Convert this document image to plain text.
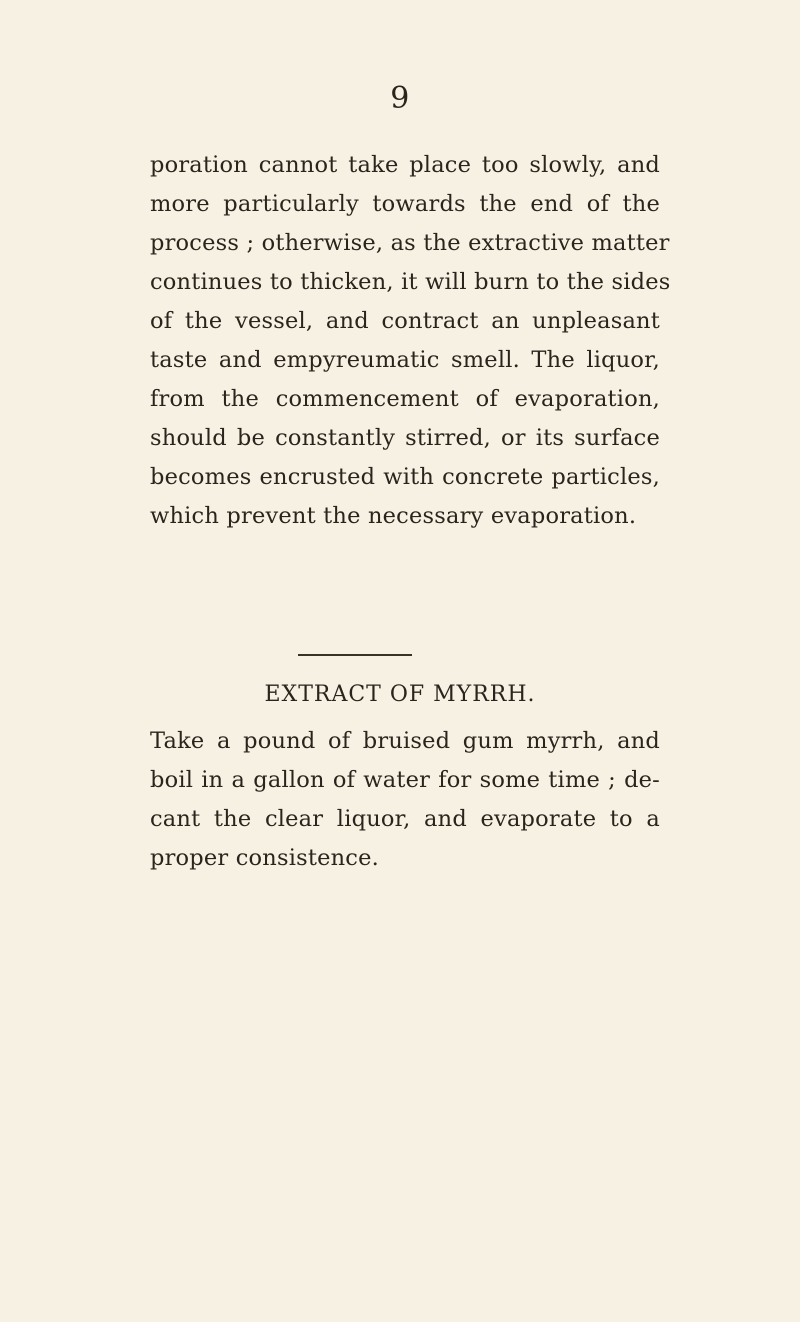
9

poration cannot take place too slowly, and
more particularly towards the end of the
process ; otherwise, as the extractive matter
continues to thicken, it will burn to the sides
of the vessel, and contract an unpleasant
taste and empyreumatic smell. The liquor,
from the commencement of evaporation,
should be constantly stirred, or its surface
becomes encrusted with concrete particles,
which prevent the necessary evaporation.

EXTRACT OF MYRRH.

Take a pound of bruised gum myrrh, and
boil in a gallon of water for some time ; de-
cant the clear liquor, and evaporate to a
proper consistence.
